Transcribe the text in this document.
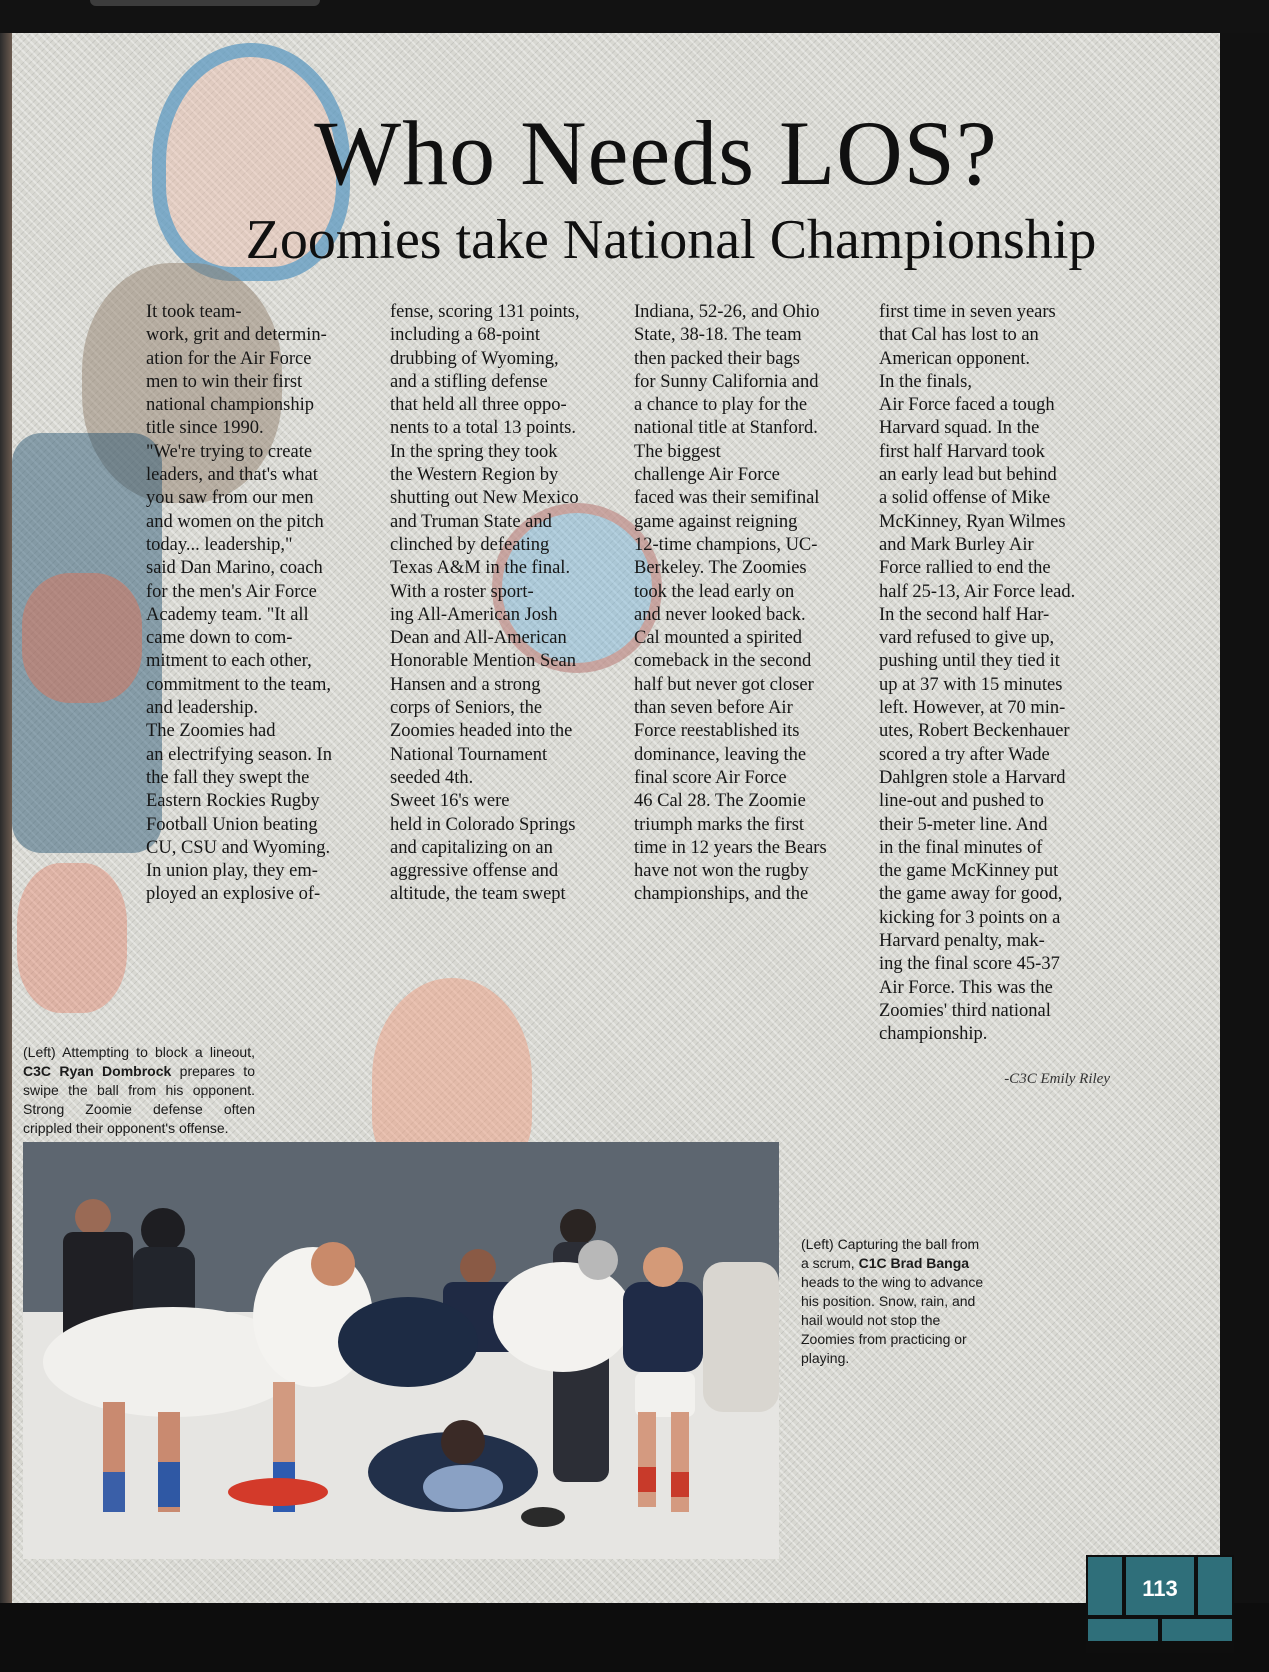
Who Needs LOS?
Zoomies take National Championship

It took team-
work, grit and determin-
ation for the Air Force
men to win their first
national championship
title since 1990.
"We're trying to create
leaders, and that's what
you saw from our men
and women on the pitch
today... leadership,"
said Dan Marino, coach
for the men's Air Force
Academy team. "It all
came down to com-
mitment to each other,
commitment to the team,
and leadership.
The Zoomies had
an electrifying season. In
the fall they swept the
Eastern Rockies Rugby
Football Union beating
CU, CSU and Wyoming.
In union play, they em-
ployed an explosive of-

fense, scoring 131 points,
including a 68-point
drubbing of Wyoming,
and a stifling defense
that held all three oppo-
nents to a total 13 points.
In the spring they took
the Western Region by
shutting out New Mexico
and Truman State and
clinched by defeating
Texas A&M in the final.
With a roster sport-
ing All-American Josh
Dean and All-American
Honorable Mention Sean
Hansen and a strong
corps of Seniors, the
Zoomies headed into the
National Tournament
seeded 4th.
Sweet 16's were
held in Colorado Springs
and capitalizing on an
aggressive offense and
altitude, the team swept

Indiana, 52-26, and Ohio
State, 38-18. The team
then packed their bags
for Sunny California and
a chance to play for the
national title at Stanford.
The biggest
challenge Air Force
faced was their semifinal
game against reigning
12-time champions, UC-
Berkeley. The Zoomies
took the lead early on
and never looked back.
Cal mounted a spirited
comeback in the second
half but never got closer
than seven before Air
Force reestablished its
dominance, leaving the
final score Air Force
46 Cal 28. The Zoomie
triumph marks the first
time in 12 years the Bears
have not won the rugby
championships, and the

first time in seven years
that Cal has lost to an
American opponent.
In the finals,
Air Force faced a tough
Harvard squad. In the
first half Harvard took
an early lead but behind
a solid offense of Mike
McKinney, Ryan Wilmes
and Mark Burley Air
Force rallied to end the
half 25-13, Air Force lead.
In the second half Har-
vard refused to give up,
pushing until they tied it
up at 37 with 15 minutes
left. However, at 70 min-
utes, Robert Beckenhauer
scored a try after Wade
Dahlgren stole a Harvard
line-out and pushed to
their 5-meter line. And
in the final minutes of
the game McKinney put
the game away for good,
kicking for 3 points on a
Harvard penalty, mak-
ing the final score 45-37
Air Force. This was the
Zoomies' third national
championship.

-C3C Emily Riley
(Left) Attempting to block a lineout, C3C Ryan Dombrock prepares to swipe the ball from his opponent. Strong Zoomie defense often crippled their opponent's offense.
(Left) Capturing the ball from a scrum, C1C Brad Banga heads to the wing to advance his position. Snow, rain, and hail would not stop the Zoomies from practicing or playing.
113
